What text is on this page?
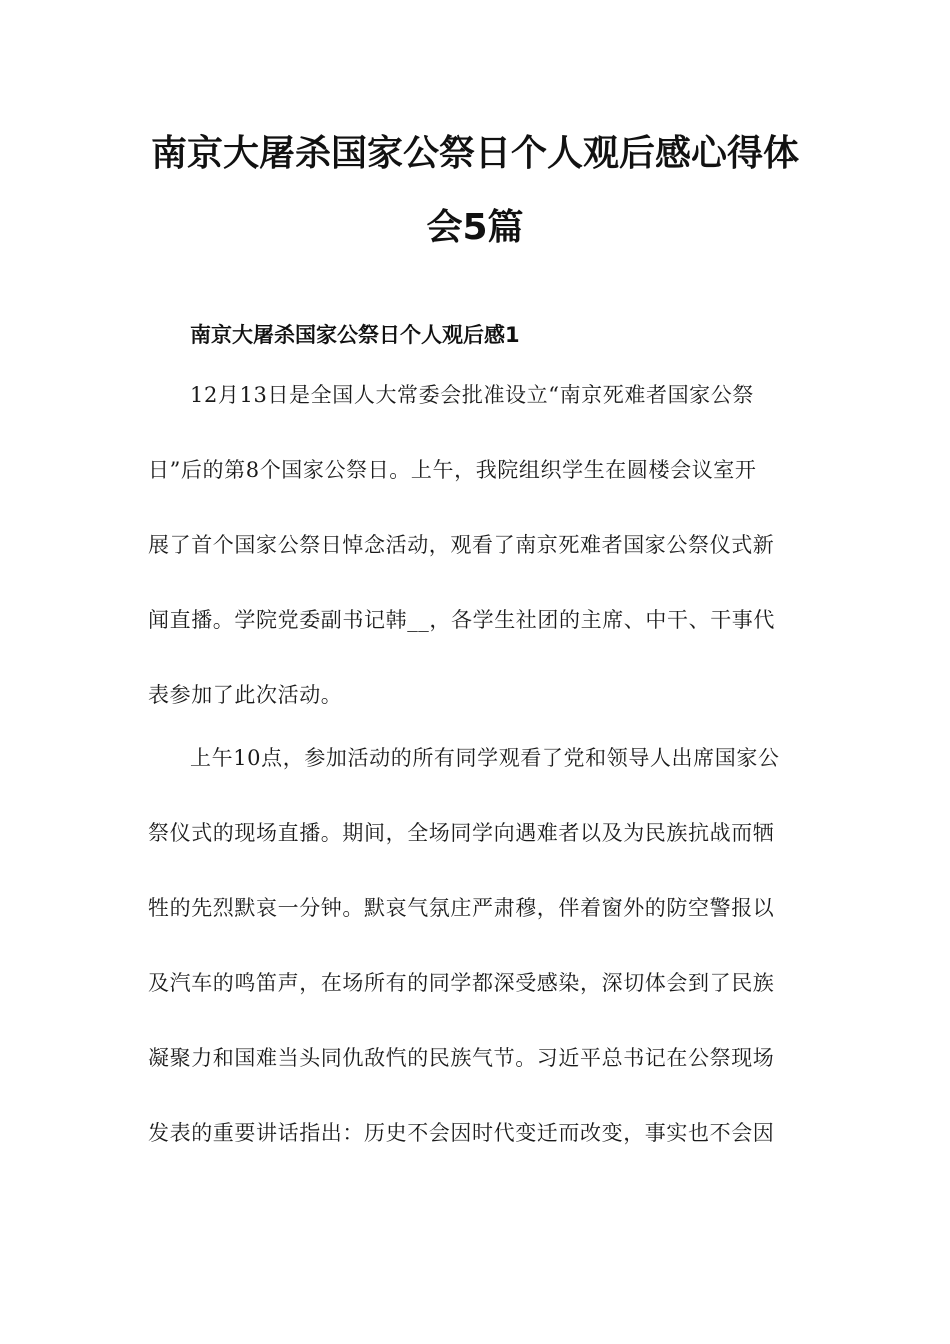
南京大屠杀国家公祭日个人观后感心得体
会5篇
南京大屠杀国家公祭日个人观后感1
12月13日是全国人大常委会批准设立“南京死难者国家公祭
日”后的第8个国家公祭日。上午，我院组织学生在圆楼会议室开
展了首个国家公祭日悼念活动，观看了南京死难者国家公祭仪式新
闻直播。学院党委副书记韩__，各学生社团的主席、中干、干事代
表参加了此次活动。
上午10点，参加活动的所有同学观看了党和领导人出席国家公
祭仪式的现场直播。期间，全场同学向遇难者以及为民族抗战而牺
牲的先烈默哀一分钟。默哀气氛庄严肃穆，伴着窗外的防空警报以
及汽车的鸣笛声，在场所有的同学都深受感染，深切体会到了民族
凝聚力和国难当头同仇敌忾的民族气节。习近平总书记在公祭现场
发表的重要讲话指出：历史不会因时代变迁而改变，事实也不会因
